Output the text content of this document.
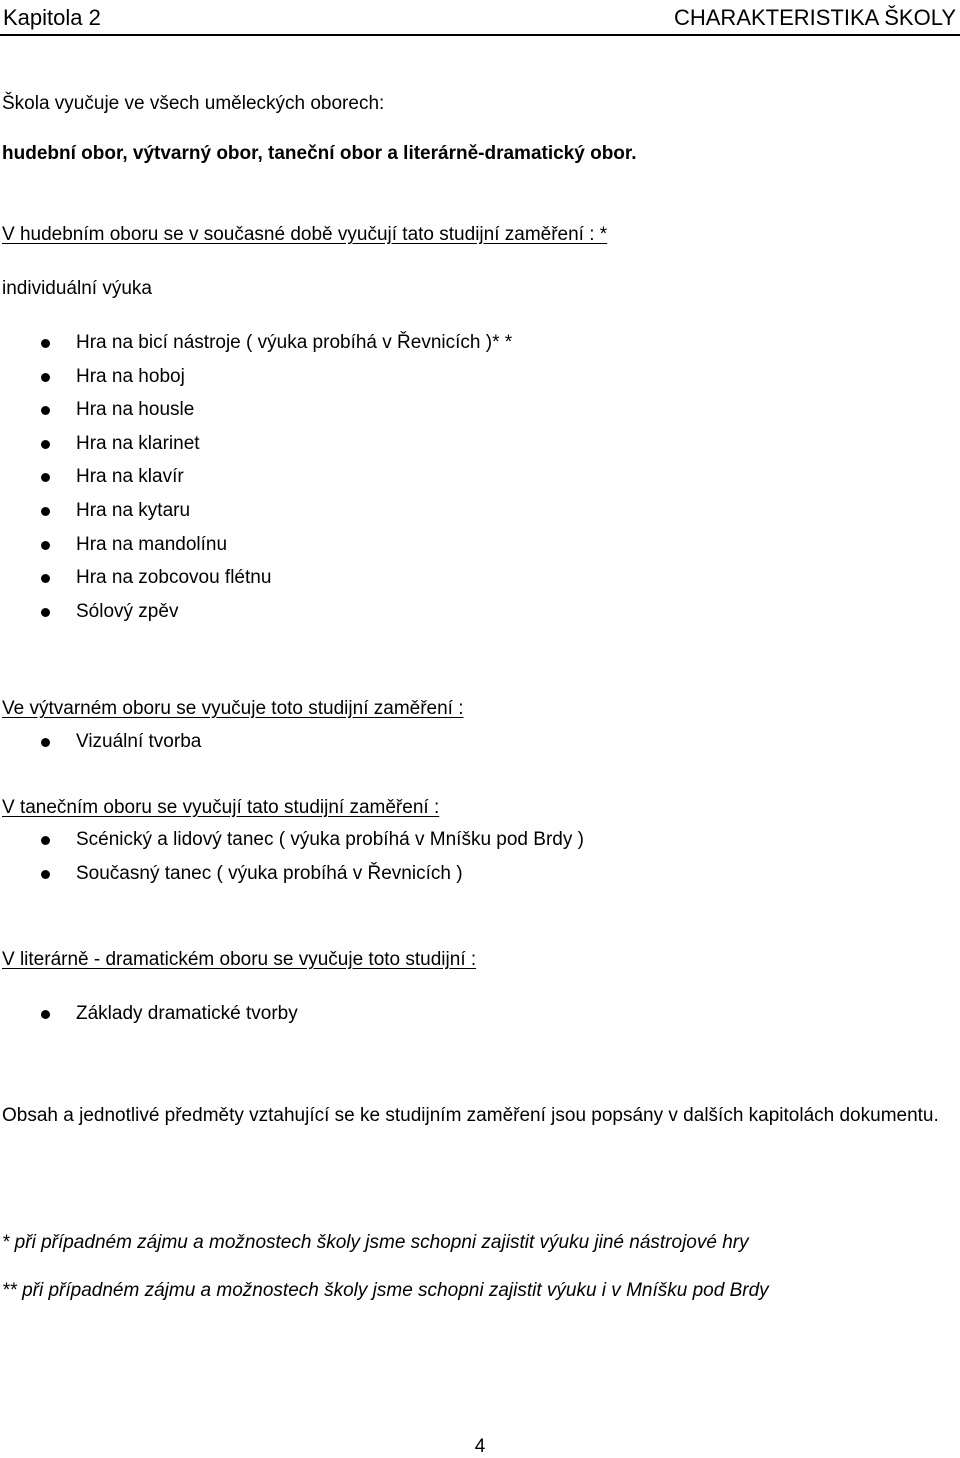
Kapitola 2	CHARAKTERISTIKA ŠKOLY
Škola vyučuje ve všech uměleckých oborech:
hudební obor, výtvarný obor, taneční obor a literárně-dramatický obor.
V hudebním oboru se v současné době vyučují tato studijní zaměření : *
individuální výuka
Hra na bicí nástroje ( výuka probíhá v Řevnicích )* *
Hra na hoboj
Hra na housle
Hra na klarinet
Hra na klavír
Hra na kytaru
Hra na mandolínu
Hra na zobcovou flétnu
Sólový zpěv
Ve výtvarném oboru se vyučuje toto studijní zaměření :
Vizuální tvorba
V tanečním oboru se vyučují tato studijní zaměření :
Scénický a lidový tanec ( výuka probíhá v Mníšku pod Brdy )
Současný tanec ( výuka probíhá v Řevnicích )
V literárně - dramatickém oboru se vyučuje toto studijní :
Základy dramatické tvorby
Obsah a jednotlivé předměty vztahující se ke studijním zaměření jsou popsány v dalších kapitolách dokumentu.
* při případném zájmu a možnostech školy jsme schopni zajistit výuku jiné nástrojové hry
** při případném zájmu a možnostech školy jsme schopni zajistit výuku i v Mníšku pod Brdy
4
